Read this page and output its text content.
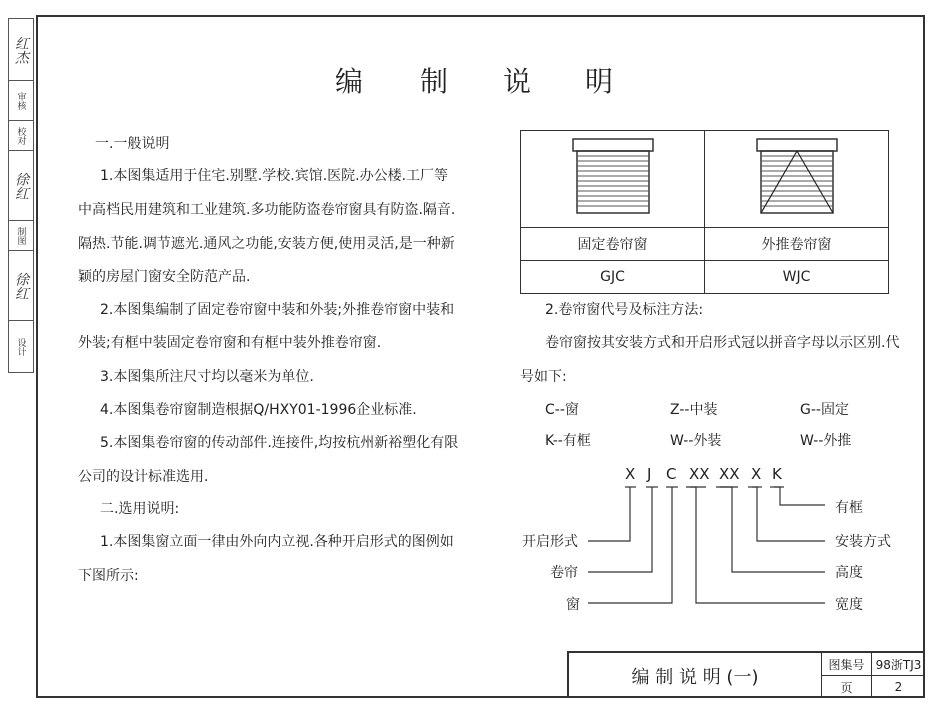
红杰
审核
校对
徐红
制图
徐红
设计
编 制 说 明
一.一般说明
1.本图集适用于住宅.别墅.学校.宾馆.医院.办公楼.工厂等
中高档民用建筑和工业建筑.多功能防盗卷帘窗具有防盗.隔音.
隔热.节能.调节遮光.通风之功能,安装方便,使用灵活,是一种新
颖的房屋门窗安全防范产品.
2.本图集编制了固定卷帘窗中装和外装;外推卷帘窗中装和
外装;有框中装固定卷帘窗和有框中装外推卷帘窗.
3.本图集所注尺寸均以毫米为单位.
4.本图集卷帘窗制造根据Q/HXY01-1996企业标准.
5.本图集卷帘窗的传动部件.连接件,均按杭州新裕塑化有限
公司的设计标准选用.
二.选用说明:
1.本图集窗立面一律由外向内立视.各种开启形式的图例如
下图所示:

固定卷帘窗	外推卷帘窗
GJC	WJC
2.卷帘窗代号及标注方法:
卷帘窗按其安装方式和开启形式冠以拼音字母以示区别.代
号如下:
C--窗	Z--中装	G--固定
K--有框	W--外装	W--外推
X J C XX XX X K
开启形式
卷帘
窗
有框
安装方式
高度
宽度
编 制 说 明 (一)
图集号 98浙TJ3
页	2
